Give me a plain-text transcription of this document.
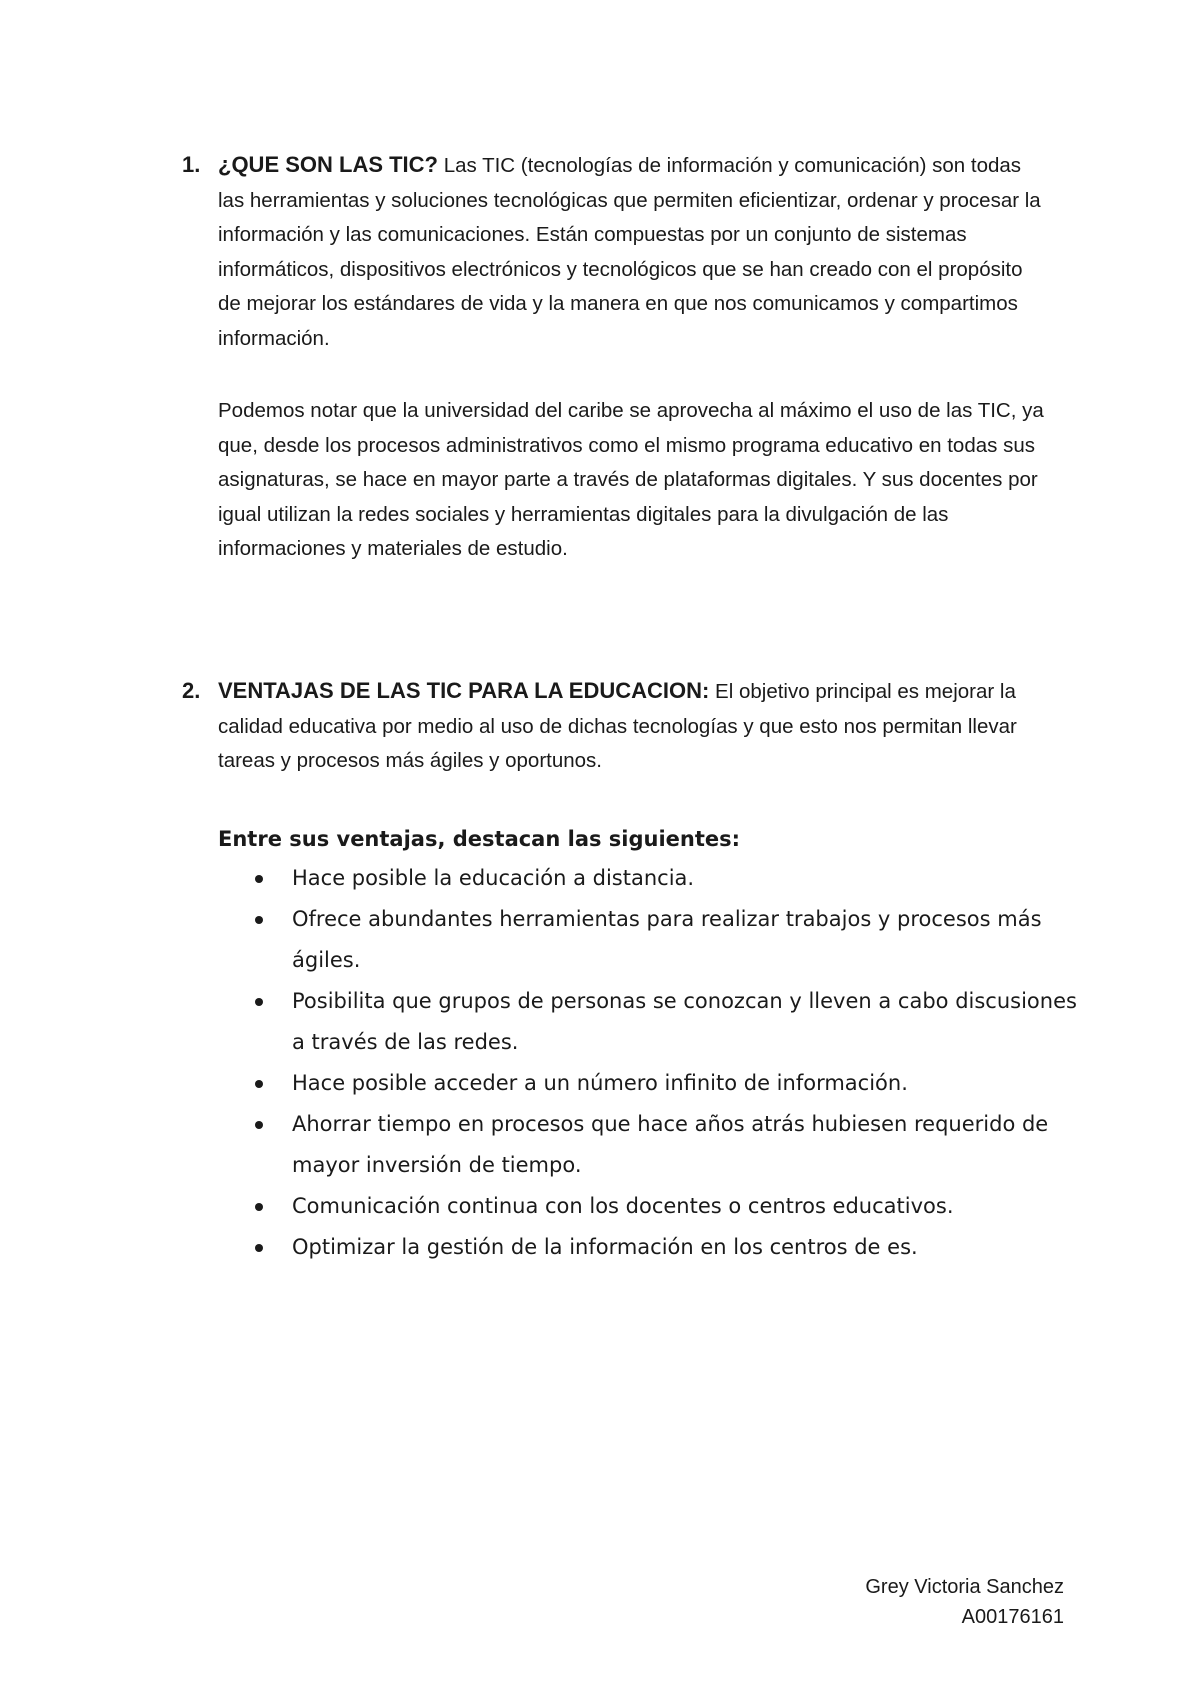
1. ¿QUE SON LAS TIC? Las TIC (tecnologías de información y comunicación) son todas las herramientas y soluciones tecnológicas que permiten eficientizar, ordenar y procesar la información y las comunicaciones. Están compuestas por un conjunto de sistemas informáticos, dispositivos electrónicos y tecnológicos que se han creado con el propósito de mejorar los estándares de vida y la manera en que nos comunicamos y compartimos información.

Podemos notar que la universidad del caribe se aprovecha al máximo el uso de las TIC, ya que, desde los procesos administrativos como el mismo programa educativo en todas sus asignaturas, se hace en mayor parte a través de plataformas digitales. Y sus docentes por igual utilizan la redes sociales y herramientas digitales para la divulgación de las informaciones y materiales de estudio.

2. VENTAJAS DE LAS TIC PARA LA EDUCACION: El objetivo principal es mejorar la calidad educativa por medio al uso de dichas tecnologías y que esto nos permitan llevar tareas y procesos más ágiles y oportunos.

Entre sus ventajas, destacan las siguientes:

Hace posible la educación a distancia.
Ofrece abundantes herramientas para realizar trabajos y procesos más ágiles.
Posibilita que grupos de personas se conozcan y lleven a cabo discusiones a través de las redes.
Hace posible acceder a un número infinito de información.
Ahorrar tiempo en procesos que hace años atrás hubiesen requerido de mayor inversión de tiempo.
Comunicación continua con los docentes o centros educativos.
Optimizar la gestión de la información en los centros de es.
Grey Victoria Sanchez
A00176161
